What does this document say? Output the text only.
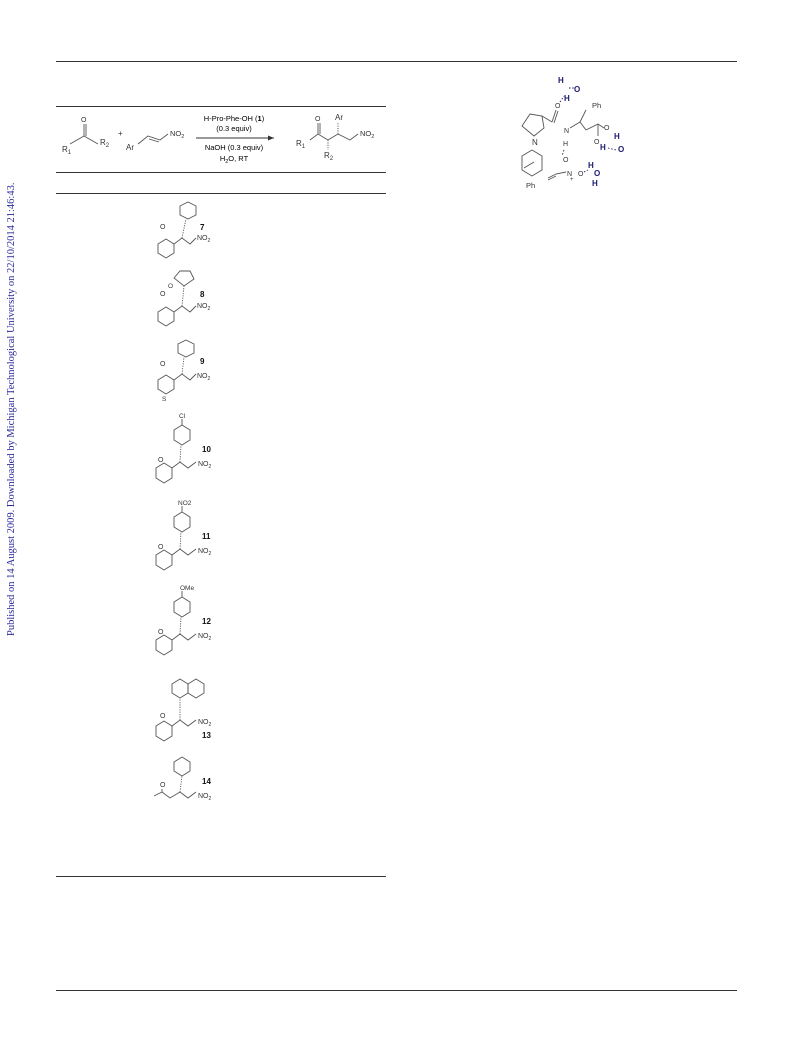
Published on 14 August 2009. Downloaded by Michigan Technological University on 22/10/2014 21:46:43.
O
$R_1$
$R_2$
+
Ar
$NO_2$
H-Pro-Phe-OH (1)
(0.3 equiv)
NaOH (0.3 equiv)
$H_2O$, RT
$R_1$
O Ar
$R_2$
$NO_2$
O	7
$NO_2$
O
O	8
$NO_2$
O
S
9
$NO_2$
Cl
O
10
$NO_2$
NO2
O
11
$NO_2$
OMe
O
12
$NO_2$
O
$NO_2$
13
O	14
$NO_2$
H
O
H
Ph
N
O
N
H
O
O
H
H
O
O
N
+
O
H
O
H
Ph
